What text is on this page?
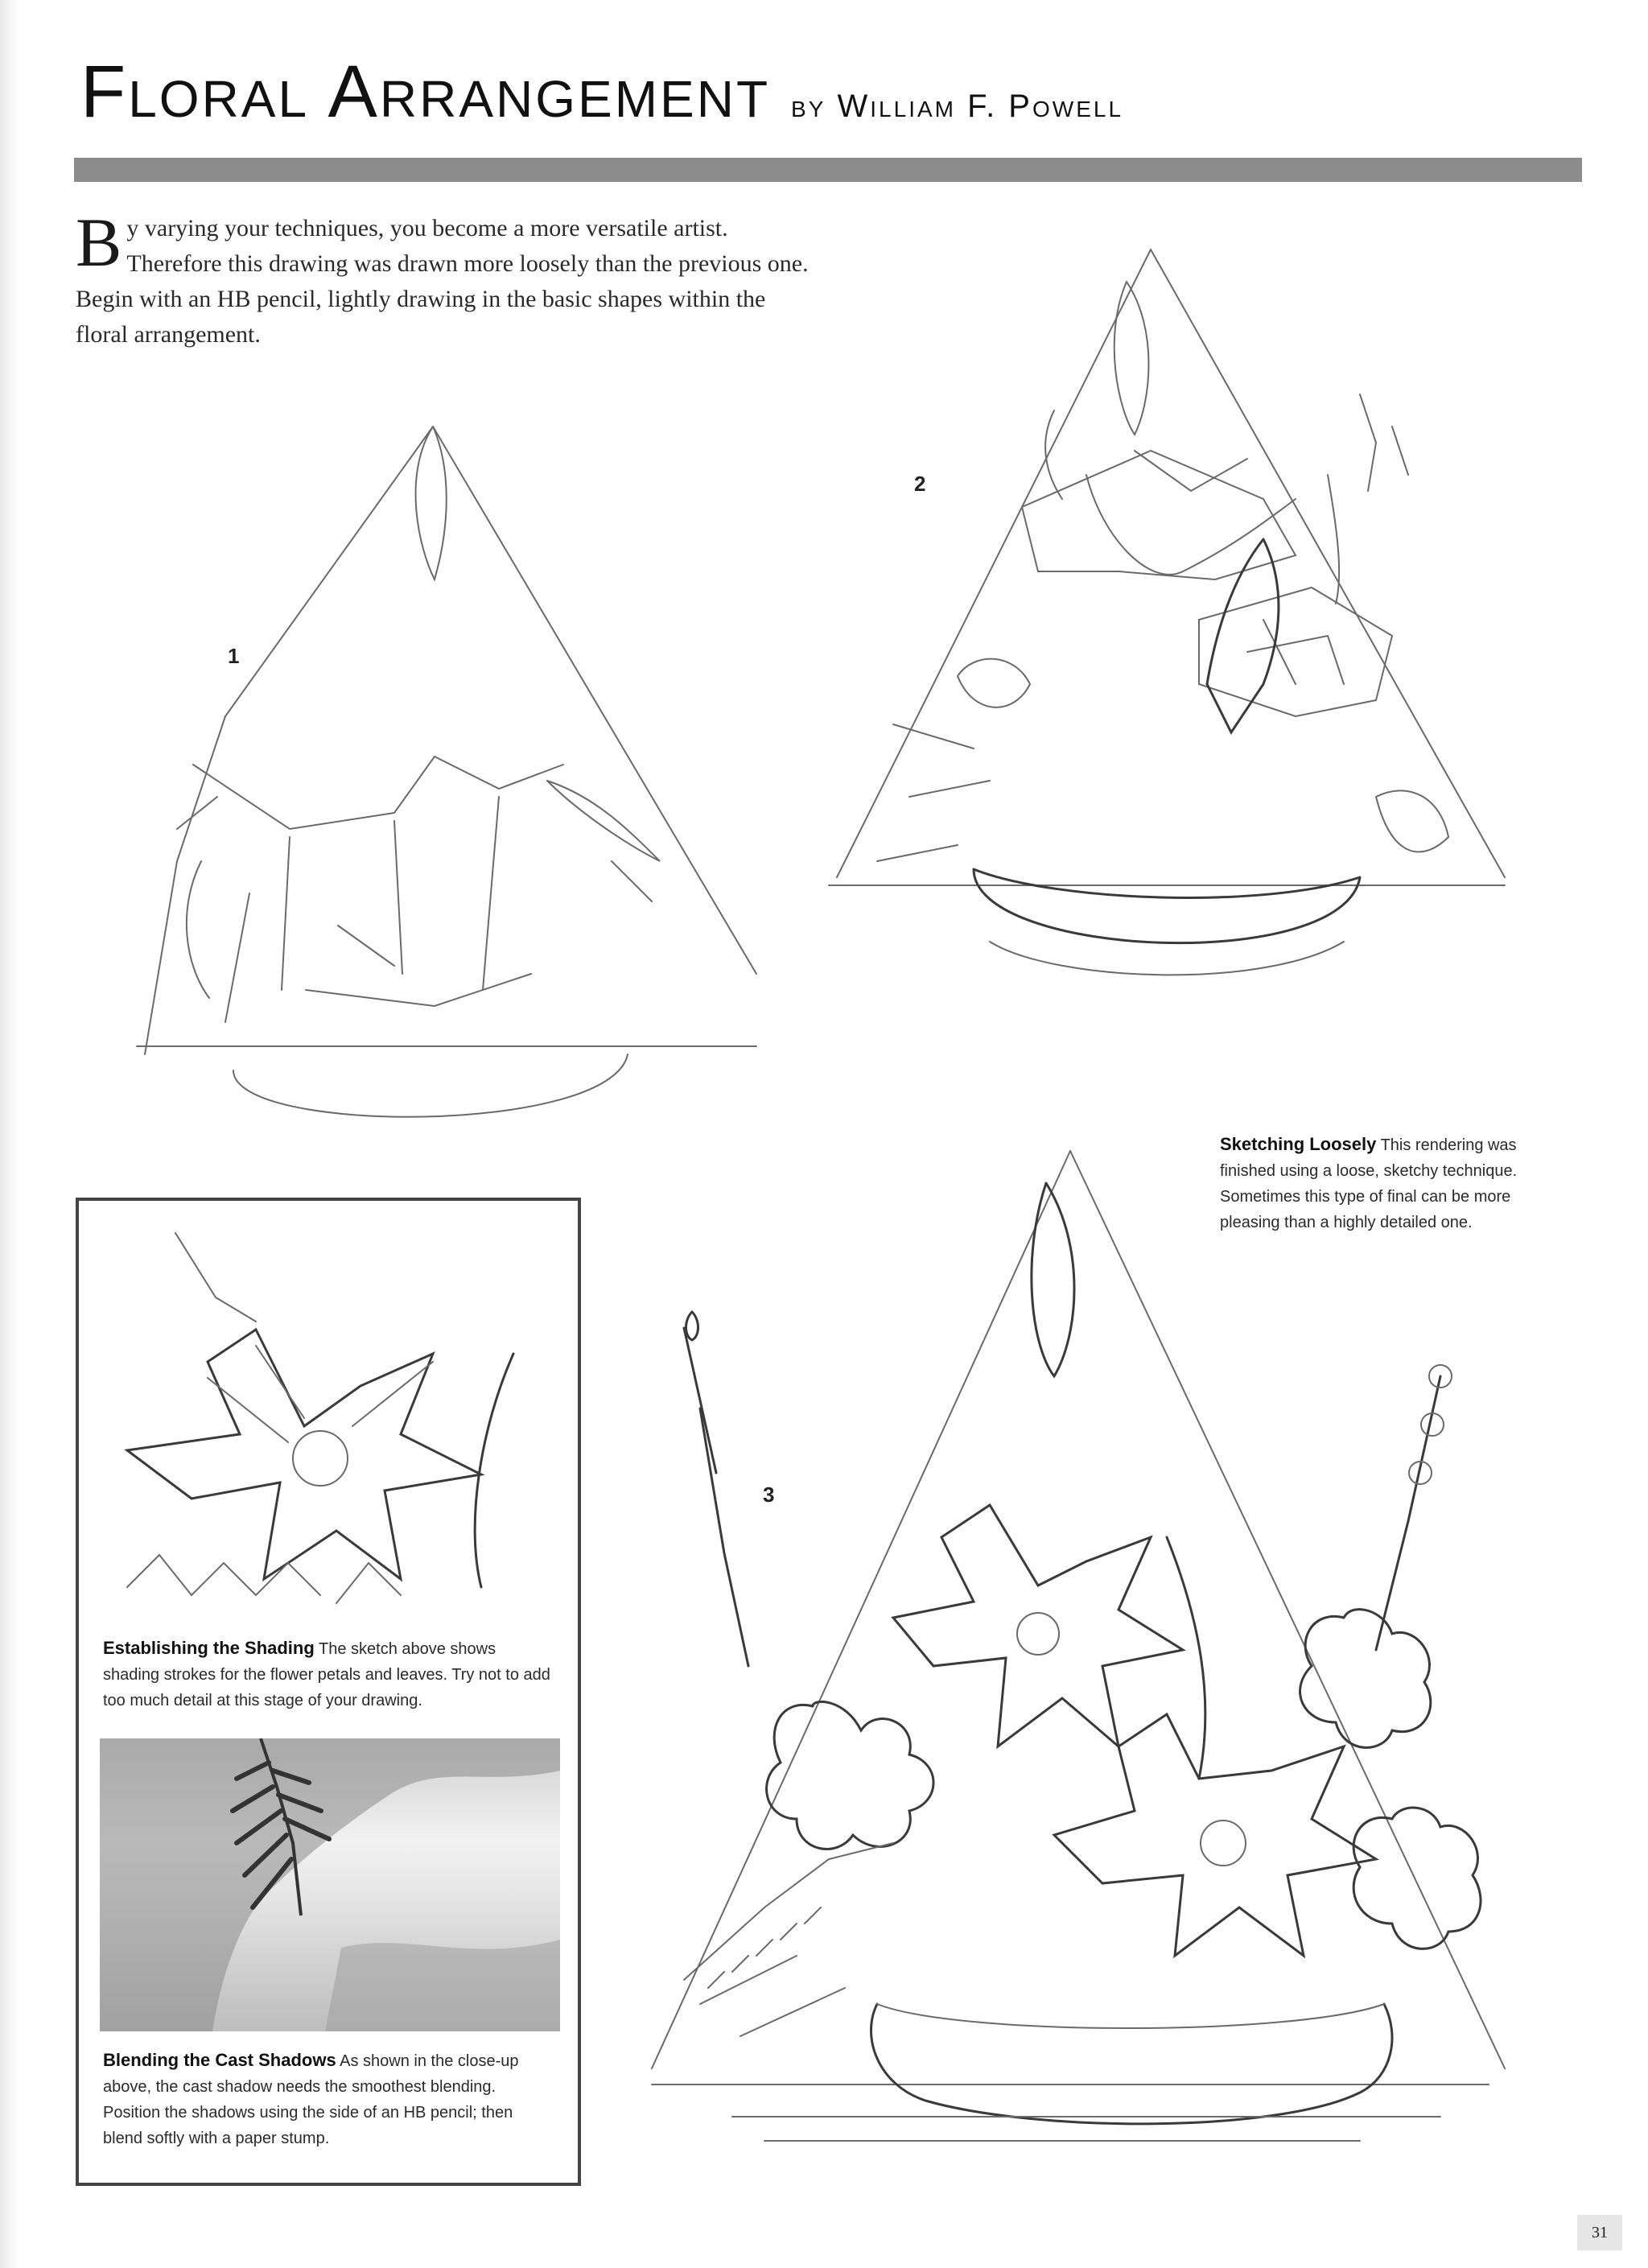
Floral Arrangement by William F. Powell
By varying your techniques, you become a more versatile artist. Therefore this drawing was drawn more loosely than the previous one. Begin with an HB pencil, lightly drawing in the basic shapes within the floral arrangement.
1
2
Sketching Loosely This rendering was finished using a loose, sketchy technique. Sometimes this type of final can be more pleasing than a highly detailed one.
3
Establishing the Shading The sketch above shows shading strokes for the flower petals and leaves. Try not to add too much detail at this stage of your drawing.
Blending the Cast Shadows As shown in the close-up above, the cast shadow needs the smoothest blending. Position the shadows using the side of an HB pencil; then blend softly with a paper stump.
31
